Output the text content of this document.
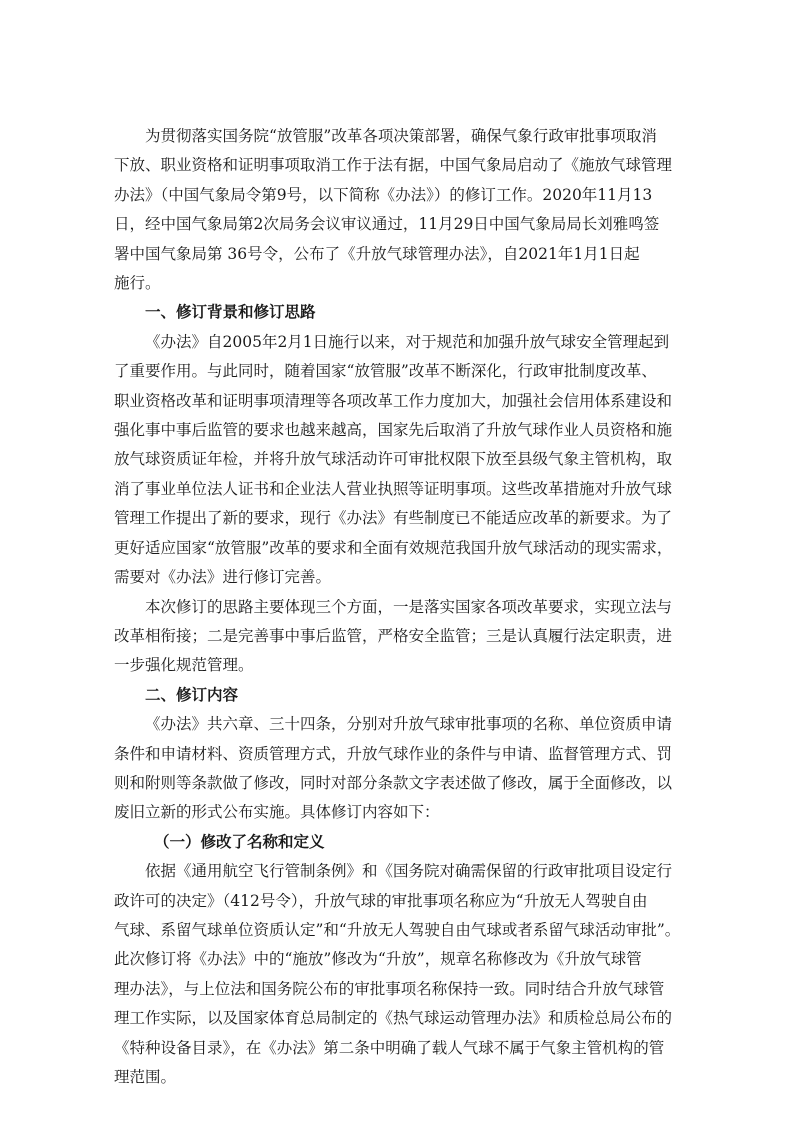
为贯彻落实国务院“放管服”改革各项决策部署，确保气象行政审批事项取消
下放、职业资格和证明事项取消工作于法有据，中国气象局启动了《施放气球管理
办法》（中国气象局令第9号，以下简称《办法》）的修订工作。2020年11月13
日，经中国气象局第2次局务会议审议通过，11月29日中国气象局局长刘雅鸣签
署中国气象局第 36号令，公布了《升放气球管理办法》，自2021年1月1日起
施行。

一、修订背景和修订思路

《办法》自2005年2月1日施行以来，对于规范和加强升放气球安全管理起到
了重要作用。与此同时，随着国家“放管服”改革不断深化，行政审批制度改革、
职业资格改革和证明事项清理等各项改革工作力度加大，加强社会信用体系建设和
强化事中事后监管的要求也越来越高，国家先后取消了升放气球作业人员资格和施
放气球资质证年检，并将升放气球活动许可审批权限下放至县级气象主管机构，取
消了事业单位法人证书和企业法人营业执照等证明事项。这些改革措施对升放气球
管理工作提出了新的要求，现行《办法》有些制度已不能适应改革的新要求。为了
更好适应国家“放管服”改革的要求和全面有效规范我国升放气球活动的现实需求，
需要对《办法》进行修订完善。

本次修订的思路主要体现三个方面，一是落实国家各项改革要求，实现立法与
改革相衔接；二是完善事中事后监管，严格安全监管；三是认真履行法定职责，进
一步强化规范管理。

二、修订内容

《办法》共六章、三十四条，分别对升放气球审批事项的名称、单位资质申请
条件和申请材料、资质管理方式，升放气球作业的条件与申请、监督管理方式、罚
则和附则等条款做了修改，同时对部分条款文字表述做了修改，属于全面修改，以
废旧立新的形式公布实施。具体修订内容如下：

（一）修改了名称和定义

依据《通用航空飞行管制条例》和《国务院对确需保留的行政审批项目设定行
政许可的决定》（412号令），升放气球的审批事项名称应为“升放无人驾驶自由
气球、系留气球单位资质认定”和“升放无人驾驶自由气球或者系留气球活动审批”。
此次修订将《办法》中的“施放”修改为“升放”，规章名称修改为《升放气球管
理办法》，与上位法和国务院公布的审批事项名称保持一致。同时结合升放气球管
理工作实际，以及国家体育总局制定的《热气球运动管理办法》和质检总局公布的
《特种设备目录》，在《办法》第二条中明确了载人气球不属于气象主管机构的管
理范围。
